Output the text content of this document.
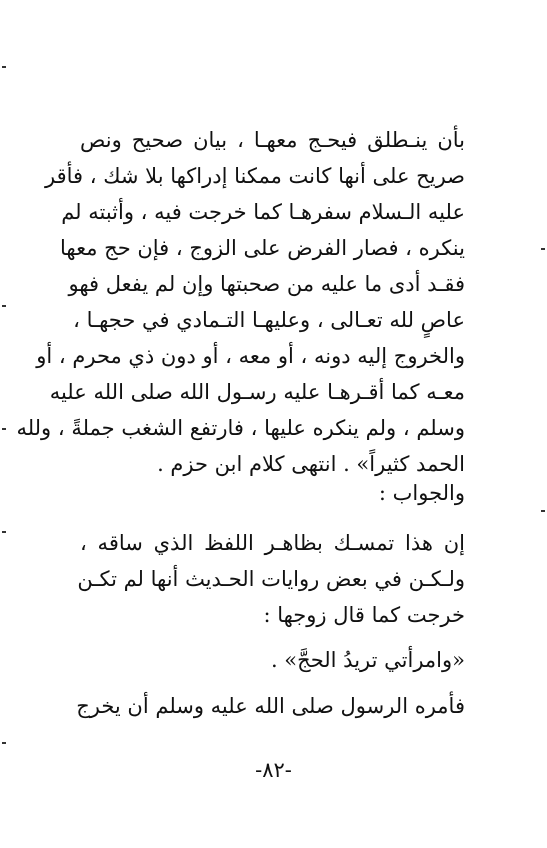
بأن ينـطلق فيحـج معهـا ، بيان صحيح ونص
صريح على أنها كانت ممكنا إدراكها بلا شك ، فأقر
عليه الـسلام سفرهـا كما خرجت فيه ، وأثبته لم
ينكره ، فصار الفرض على الزوج ، فإن حج معها
فقـد أدى ما عليه من صحبتها وإن لم يفعل فهو
عاصٍ لله تعـالى ، وعليهـا التـمادي في حجهـا ،
والخروج إليه دونه ، أو معه ، أو دون ذي محرم ، أو
معـه كما أقـرهـا عليه رسـول الله صلى الله عليه
وسلم ، ولم ينكره عليها ، فارتفع الشغب جملةً ، ولله
الحمد كثيراً» . انتهى كلام ابن حزم .
والجواب :
إن هذا تمسـك بظاهـر اللفظ الذي ساقه ،
ولـكـن في بعض روايات الحـديث أنها لم تكـن
خرجت كما قال زوجها :
«وامرأتي تريدُ الحجَّ» .
فأمره الرسول صلى الله عليه وسلم أن يخرج
-٨٢-
